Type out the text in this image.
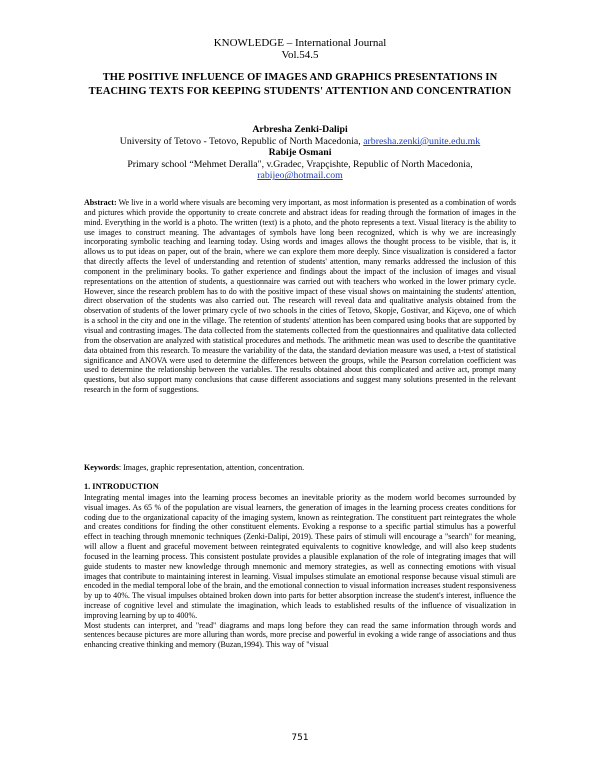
KNOWLEDGE – International Journal
Vol.54.5
THE POSITIVE INFLUENCE OF IMAGES AND GRAPHICS PRESENTATIONS IN TEACHING TEXTS FOR KEEPING STUDENTS' ATTENTION AND CONCENTRATION
Arbresha Zenki-Dalipi
University of Tetovo - Tetovo, Republic of North Macedonia, arbresha.zenki@unite.edu.mk
Rabije Osmani
Primary school “Mehmet Deralla", v.Gradec, Vrapçishte, Republic of North Macedonia,
rabijeo@hotmail.com
Abstract: We live in a world where visuals are becoming very important, as most information is presented as a combination of words and pictures which provide the opportunity to create concrete and abstract ideas for reading through the formation of images in the mind. Everything in the world is a photo. The written (text) is a photo, and the photo represents a text. Visual literacy is the ability to use images to construct meaning. The advantages of symbols have long been recognized, which is why we are increasingly incorporating symbolic teaching and learning today. Using words and images allows the thought process to be visible, that is, it allows us to put ideas on paper, out of the brain, where we can explore them more deeply. Since visualization is considered a factor that directly affects the level of understanding and retention of students' attention, many remarks addressed the inclusion of this component in the preliminary books. To gather experience and findings about the impact of the inclusion of images and visual representations on the attention of students, a questionnaire was carried out with teachers who worked in the lower primary cycle. However, since the research problem has to do with the positive impact of these visual shows on maintaining the students' attention, direct observation of the students was also carried out. The research will reveal data and qualitative analysis obtained from the observation of students of the lower primary cycle of two schools in the cities of Tetovo, Skopje, Gostivar, and Kiçevo, one of which is a school in the city and one in the village. The retention of students' attention has been compared using books that are supported by visual and contrasting images. The data collected from the statements collected from the questionnaires and qualitative data collected from the observation are analyzed with statistical procedures and methods. The arithmetic mean was used to describe the quantitative data obtained from this research. To measure the variability of the data, the standard deviation measure was used, a t-test of statistical significance and ANOVA were used to determine the differences between the groups, while the Pearson correlation coefficient was used to determine the relationship between the variables. The results obtained about this complicated and active act, prompt many questions, but also support many conclusions that cause different associations and suggest many solutions presented in the relevant research in the form of suggestions.
Keywords: Images, graphic representation, attention, concentration.
1. INTRODUCTION

Integrating mental images into the learning process becomes an inevitable priority as the modern world becomes surrounded by visual images. As 65 % of the population are visual learners, the generation of images in the learning process creates conditions for coding due to the organizational capacity of the imaging system, known as reintegration. The constituent part reintegrates the whole and creates conditions for finding the other constituent elements. Evoking a response to a specific partial stimulus has a powerful effect in teaching through mnemonic techniques (Zenki-Dalipi, 2019). These pairs of stimuli will encourage a "search" for meaning, will allow a fluent and graceful movement between reintegrated equivalents to cognitive knowledge, and will also keep students focused in the learning process. This consistent postulate provides a plausible explanation of the role of integrating images that will guide students to master new knowledge through mnemonic and memory strategies, as well as connecting emotions with visual images that contribute to maintaining interest in learning. Visual impulses stimulate an emotional response because visual stimuli are encoded in the medial temporal lobe of the brain, and the emotional connection to visual information increases student responsiveness by up to 40%. The visual impulses obtained broken down into parts for better absorption increase the student's interest, influence the increase of cognitive level and stimulate the imagination, which leads to established results of the influence of visualization in improving learning by up to 400%.

Most students can interpret, and "read" diagrams and maps long before they can read the same information through words and sentences because pictures are more alluring than words, more precise and powerful in evoking a wide range of associations and thus enhancing creative thinking and memory (Buzan,1994). This way of "visual

751
